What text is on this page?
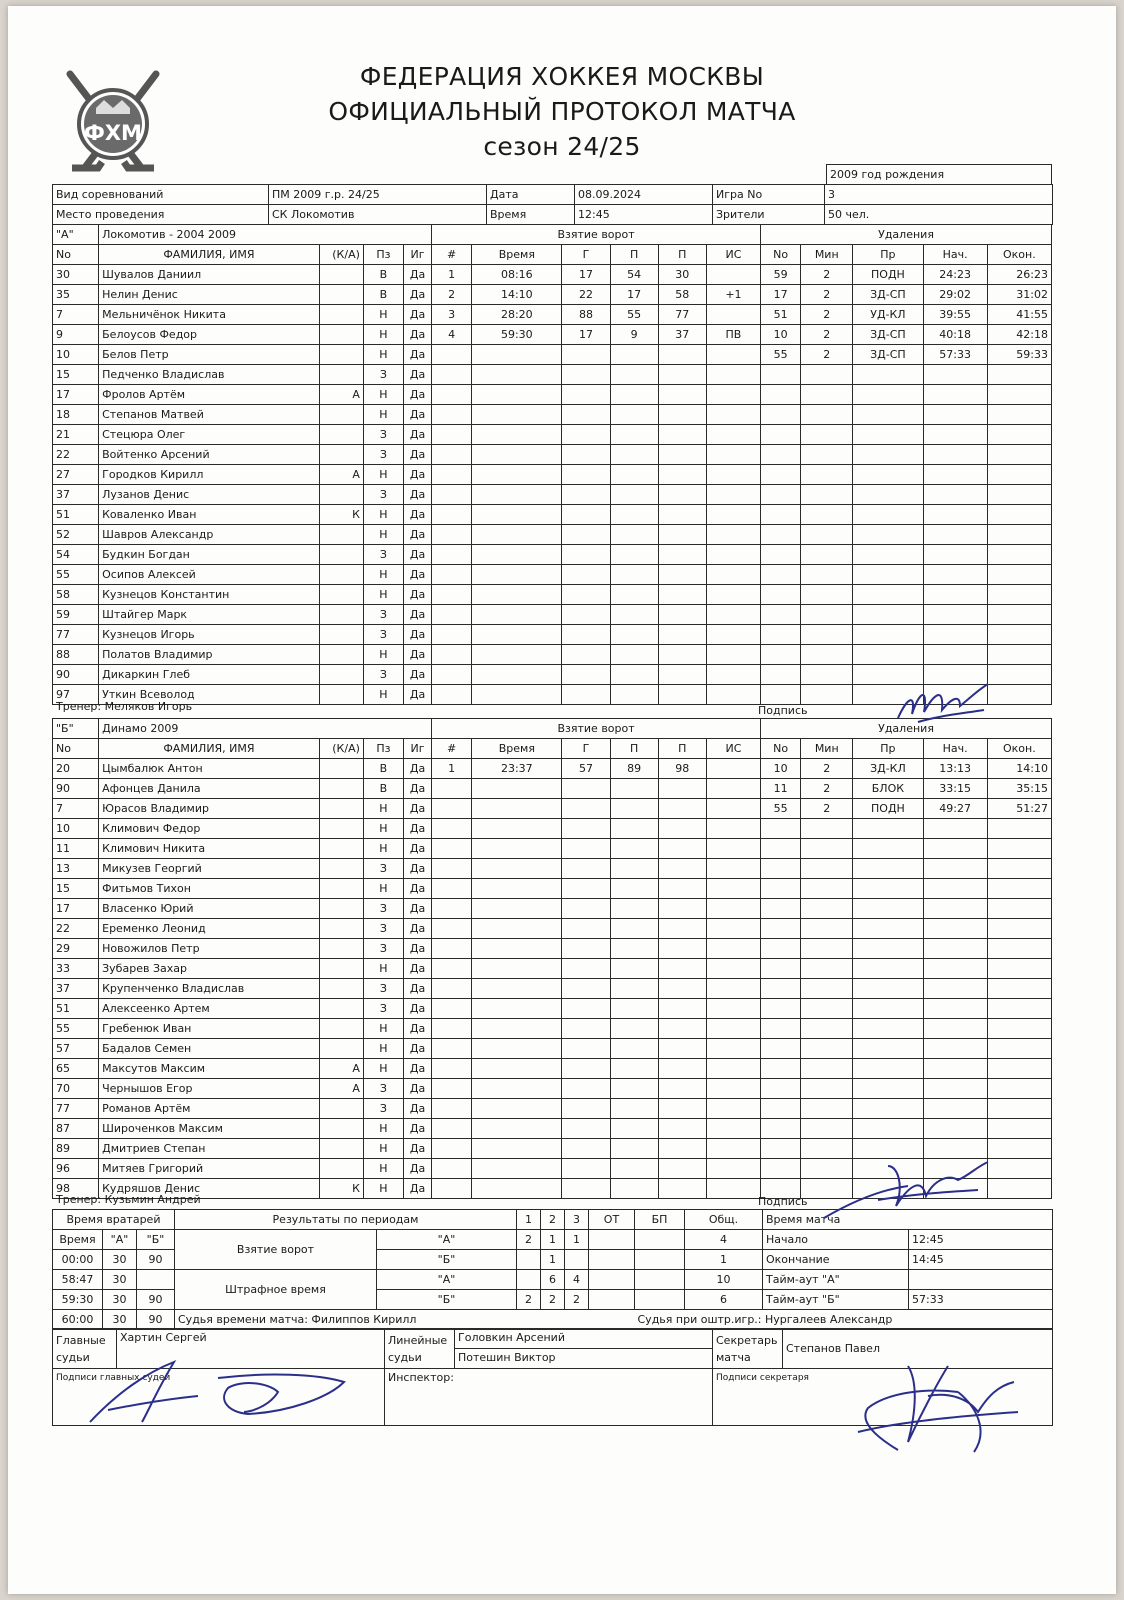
ФХМ
ФЕДЕРАЦИЯ ХОККЕЯ МОСКВЫ
ОФИЦИАЛЬНЫЙ ПРОТОКОЛ МАТЧА
сезон 24/25
2009 год рождения
Вид соревнований	ПМ 2009 г.р. 24/25	Дата	08.09.2024	Игра No	3
Место проведения	СК Локомотив	Время	12:45	Зрители	50 чел.
"А"	Локомотив - 2004 2009				Взятие ворот						Удаления				
No	ФАМИЛИЯ, ИМЯ	(К/А)	Пз	Иг	#	Время	Г	П	П	ИС	No	Мин	Пр	Нач.	Окон.
30	Шувалов Даниил		В	Да	1	08:16	17	54	30		59	2	ПОДН	24:23	26:23
35	Нелин Денис		В	Да	2	14:10	22	17	58	+1	17	2	ЗД-СП	29:02	31:02
7	Мельничёнок Никита		Н	Да	3	28:20	88	55	77		51	2	УД-КЛ	39:55	41:55
9	Белоусов Федор		Н	Да	4	59:30	17	9	37	ПВ	10	2	ЗД-СП	40:18	42:18
10	Белов Петр		Н	Да							55	2	ЗД-СП	57:33	59:33
15	Педченко Владислав		З	Да											
17	Фролов Артём	А	Н	Да											
18	Степанов Матвей		Н	Да											
21	Стецюра Олег		З	Да											
22	Войтенко Арсений		З	Да											
27	Городков Кирилл	А	Н	Да											
37	Лузанов Денис		З	Да											
51	Коваленко Иван	К	Н	Да											
52	Шавров Александр		Н	Да											
54	Будкин Богдан		З	Да											
55	Осипов Алексей		Н	Да											
58	Кузнецов Константин		Н	Да											
59	Штайгер Марк		З	Да											
77	Кузнецов Игорь		З	Да											
88	Полатов Владимир		Н	Да											
90	Дикаркин Глеб		З	Да											
97	Уткин Всеволод		Н	Да											
Тренер: Меляков Игорь	Подпись
"Б"	Динамо 2009				Взятие ворот						Удаления				
No	ФАМИЛИЯ, ИМЯ	(К/А)	Пз	Иг	#	Время	Г	П	П	ИС	No	Мин	Пр	Нач.	Окон.
20	Цымбалюк Антон		В	Да	1	23:37	57	89	98		10	2	ЗД-КЛ	13:13	14:10
90	Афонцев Данила		В	Да							11	2	БЛОК	33:15	35:15
7	Юрасов Владимир		Н	Да							55	2	ПОДН	49:27	51:27
10	Климович Федор		Н	Да											
11	Климович Никита		Н	Да											
13	Микузев Георгий		З	Да											
15	Фитьмов Тихон		Н	Да											
17	Власенко Юрий		З	Да											
22	Еременко Леонид		З	Да											
29	Новожилов Петр		З	Да											
33	Зубарев Захар		Н	Да											
37	Крупенченко Владислав		З	Да											
51	Алексеенко Артем		З	Да											
55	Гребенюк Иван		Н	Да											
57	Бадалов Семен		Н	Да											
65	Максутов Максим	А	Н	Да											
70	Чернышов Егор	А	З	Да											
77	Романов Артём		З	Да											
87	Широченков Максим		Н	Да											
89	Дмитриев Степан		Н	Да											
96	Митяев Григорий		Н	Да											
98	Кудряшов Денис	К	Н	Да											
Тренер: Кузьмин Андрей	Подпись
Время вратарей			Результаты по периодам		1	2	3	ОТ	БП	Общ.	Время матча	
Время	"А"	"Б"	Взятие ворот	"А"	2	1	1			4	Начало	12:45
00:00	30	90		"Б"		1				1	Окончание	14:45
58:47	30		Штрафное время	"А"		6	4			10	Тайм-аут "А"	
59:30	30	90		"Б"	2	2	2			6	Тайм-аут "Б"	57:33
60:00	30	90	Судья времени матча: Филиппов Кирилл						Судья при оштр.игр.: Нургалеев Александр			
Главные судьи	Хартин Сергей	Линейные судьи	Головкин Арсений
Потешин Виктор	Секретарь матча	Степанов Павел
Подписи главных судей		Инспектор:		Подписи секретаря	
